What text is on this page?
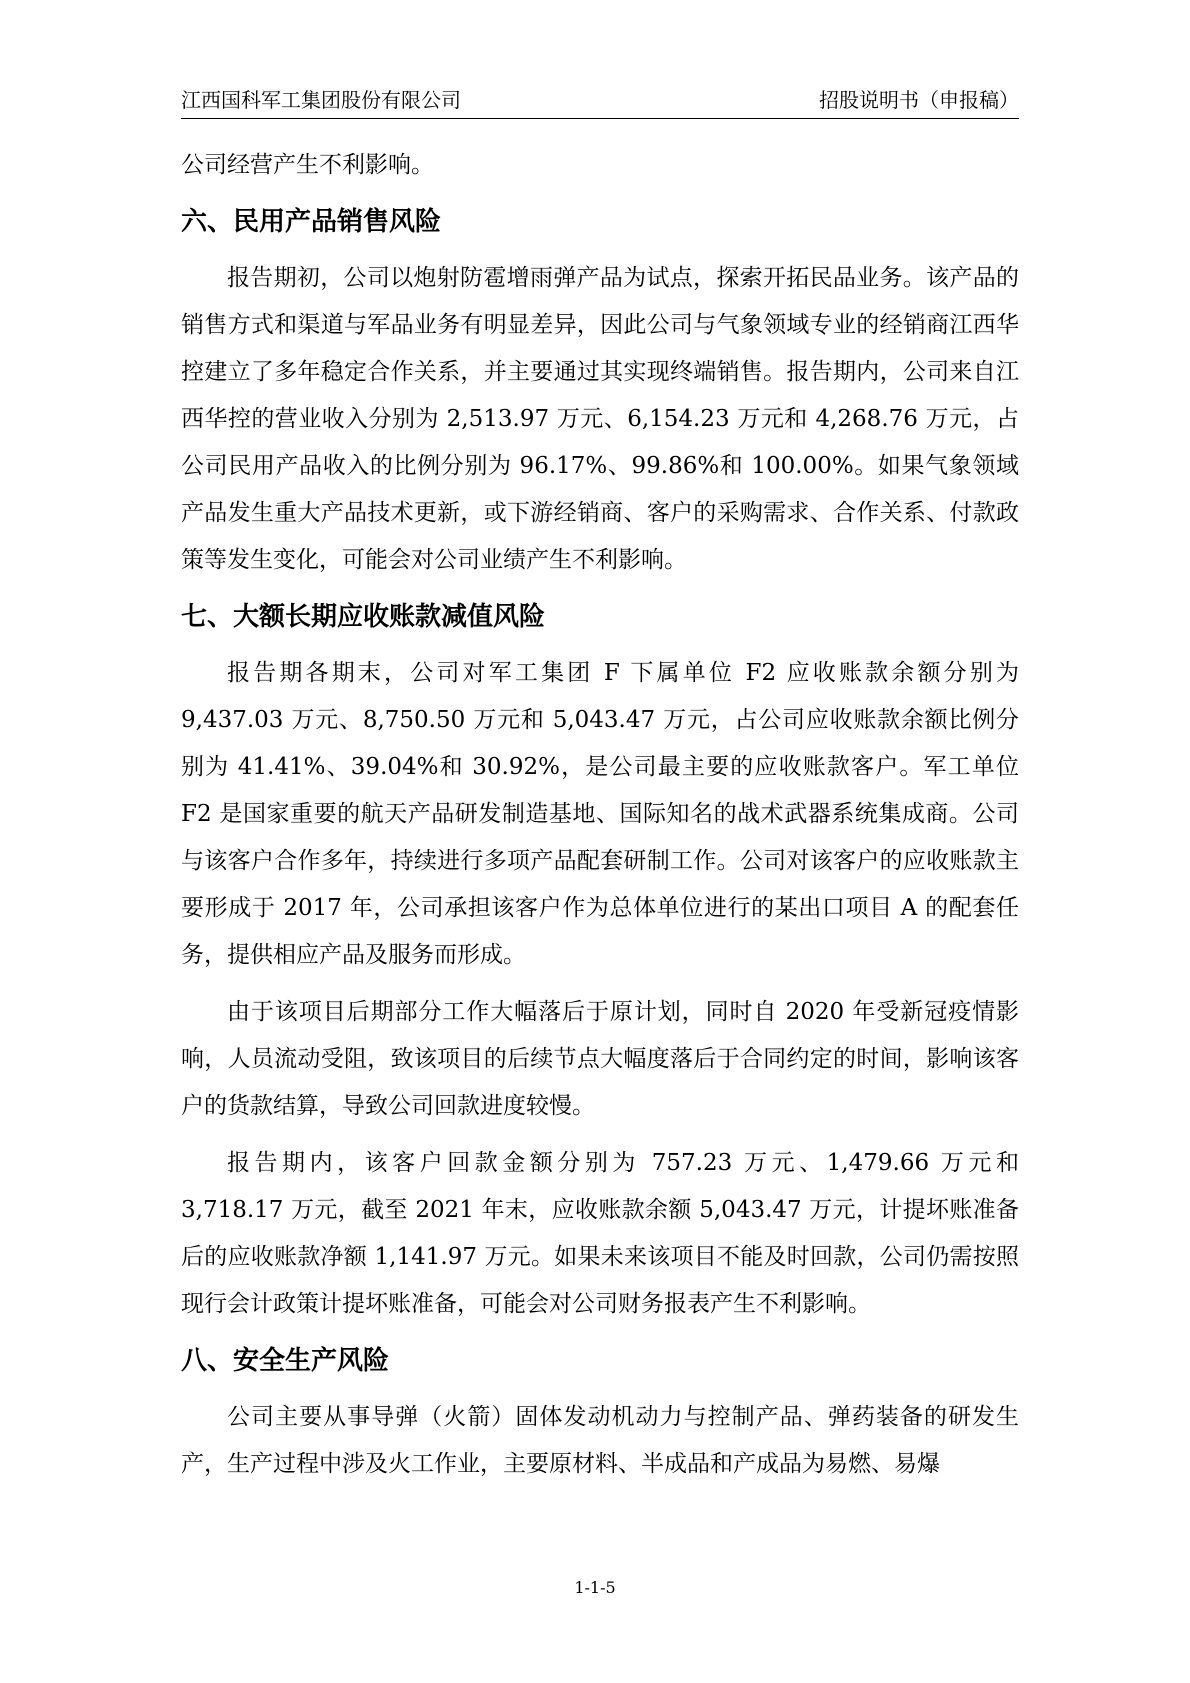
江西国科军工集团股份有限公司	招股说明书（申报稿）

公司经营产生不利影响。

六、民用产品销售风险

报告期初，公司以炮射防雹增雨弹产品为试点，探索开拓民品业务。该产品的销售方式和渠道与军品业务有明显差异，因此公司与气象领域专业的经销商江西华控建立了多年稳定合作关系，并主要通过其实现终端销售。报告期内，公司来自江西华控的营业收入分别为 2,513.97 万元、6,154.23 万元和 4,268.76 万元，占公司民用产品收入的比例分别为 96.17%、99.86%和 100.00%。如果气象领域产品发生重大产品技术更新，或下游经销商、客户的采购需求、合作关系、付款政策等发生变化，可能会对公司业绩产生不利影响。

七、大额长期应收账款减值风险

报告期各期末，公司对军工集团 F 下属单位 F2 应收账款余额分别为 9,437.03 万元、8,750.50 万元和 5,043.47 万元，占公司应收账款余额比例分别为 41.41%、39.04%和 30.92%，是公司最主要的应收账款客户。军工单位 F2 是国家重要的航天产品研发制造基地、国际知名的战术武器系统集成商。公司与该客户合作多年，持续进行多项产品配套研制工作。公司对该客户的应收账款主要形成于 2017 年，公司承担该客户作为总体单位进行的某出口项目 A 的配套任务，提供相应产品及服务而形成。

由于该项目后期部分工作大幅落后于原计划，同时自 2020 年受新冠疫情影响，人员流动受阻，致该项目的后续节点大幅度落后于合同约定的时间，影响该客户的货款结算，导致公司回款进度较慢。

报告期内，该客户回款金额分别为 757.23 万元、1,479.66 万元和 3,718.17 万元，截至 2021 年末，应收账款余额 5,043.47 万元，计提坏账准备后的应收账款净额 1,141.97 万元。如果未来该项目不能及时回款，公司仍需按照现行会计政策计提坏账准备，可能会对公司财务报表产生不利影响。

八、安全生产风险

公司主要从事导弹（火箭）固体发动机动力与控制产品、弹药装备的研发生产，生产过程中涉及火工作业，主要原材料、半成品和产成品为易燃、易爆

1-1-5
